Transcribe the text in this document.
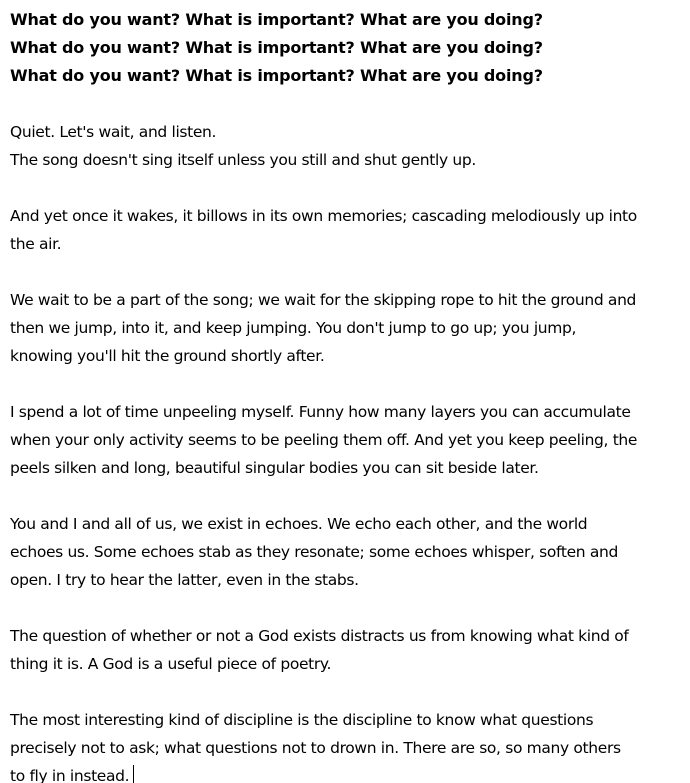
What do you want? What is important? What are you doing?
What do you want? What is important? What are you doing?
What do you want? What is important? What are you doing?
Quiet. Let's wait, and listen.
The song doesn't sing itself unless you still and shut gently up.
And yet once it wakes, it billows in its own memories; cascading melodiously up into
the air.
We wait to be a part of the song; we wait for the skipping rope to hit the ground and
then we jump, into it, and keep jumping. You don't jump to go up; you jump,
knowing you'll hit the ground shortly after.
I spend a lot of time unpeeling myself. Funny how many layers you can accumulate
when your only activity seems to be peeling them off. And yet you keep peeling, the
peels silken and long, beautiful singular bodies you can sit beside later.
You and I and all of us, we exist in echoes. We echo each other, and the world
echoes us. Some echoes stab as they resonate; some echoes whisper, soften and
open. I try to hear the latter, even in the stabs.
The question of whether or not a God exists distracts us from knowing what kind of
thing it is. A God is a useful piece of poetry.
The most interesting kind of discipline is the discipline to know what questions
precisely not to ask; what questions not to drown in. There are so, so many others
to fly in instead.
